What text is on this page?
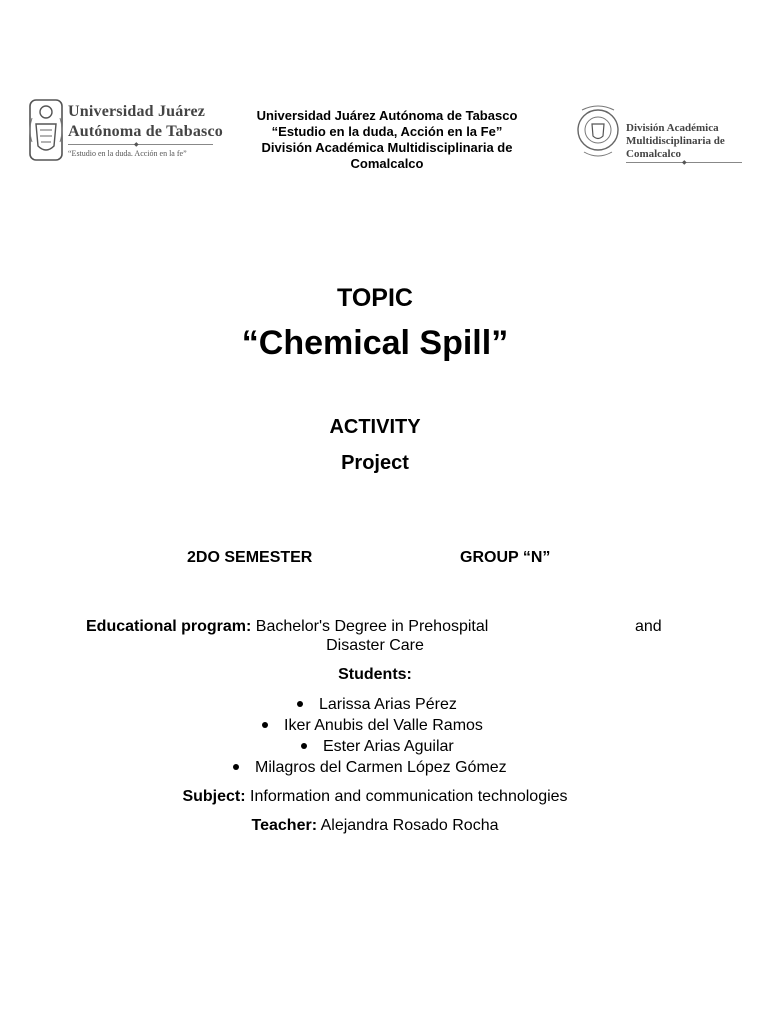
Universidad Juárez
Autónoma de Tabasco
◆
“Estudio en la duda. Acción en la fe”
Universidad Juárez Autónoma de Tabasco
“Estudio en la duda, Acción en la Fe”
División Académica Multidisciplinaria de
Comalcalco
División Académica
Multidisciplinaria de
Comalcalco
◆
TOPIC
“Chemical Spill”
ACTIVITY
Project
2DO SEMESTER	GROUP “N”
Educational program: Bachelor's Degree in Prehospital	and
Disaster Care
Students:
Larissa Arias Pérez
Iker Anubis del Valle Ramos
Ester Arias Aguilar
Milagros del Carmen López Gómez
Subject: Information and communication technologies
Teacher: Alejandra Rosado Rocha
